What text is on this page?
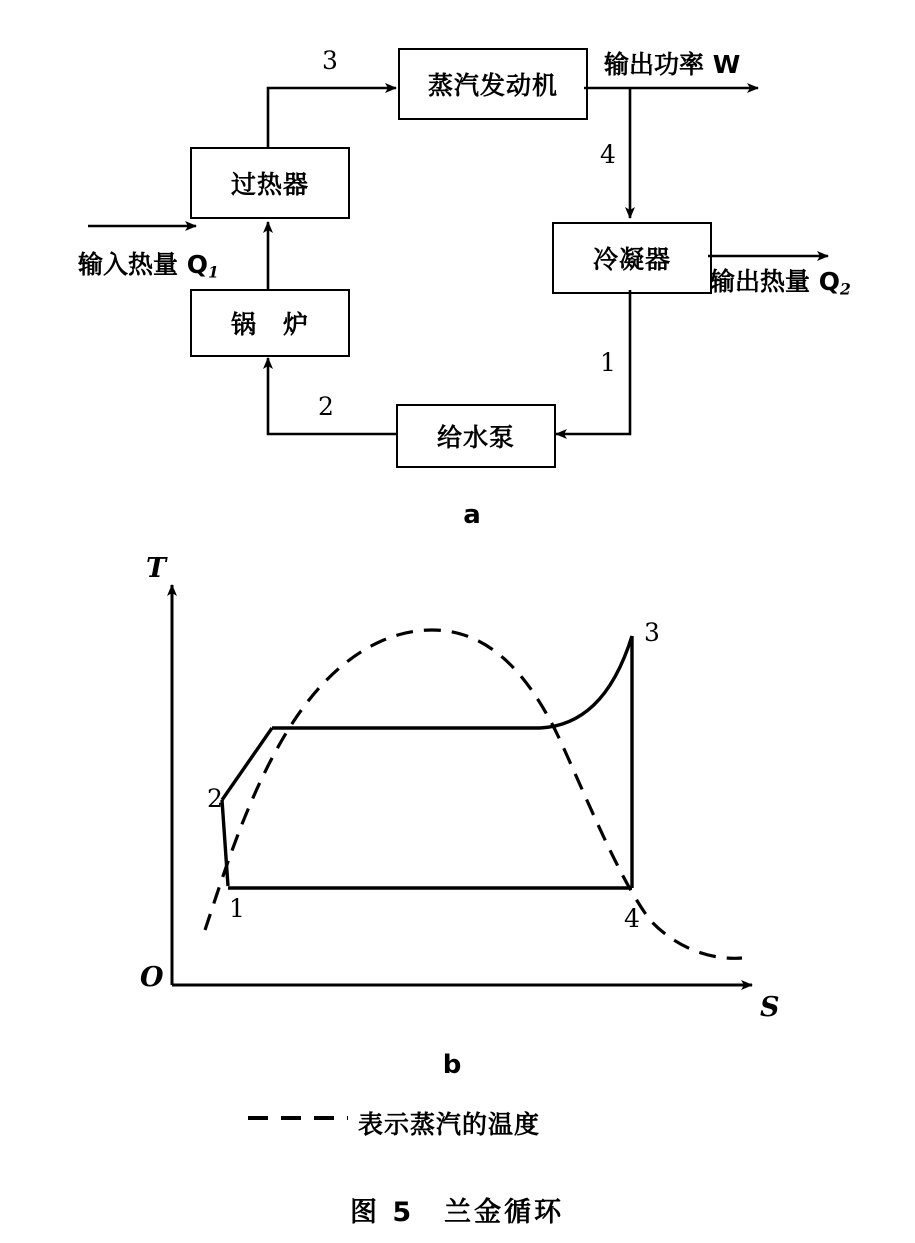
蒸汽发动机
过热器
锅　炉
冷凝器
给水泵
输入热量 $Q_1$
输出功率 W
输出热量 $Q_2$
3
4
1
2
a
T
S
O
1
2
3
4
b
表示蒸汽的温度
图 5　兰金循环
